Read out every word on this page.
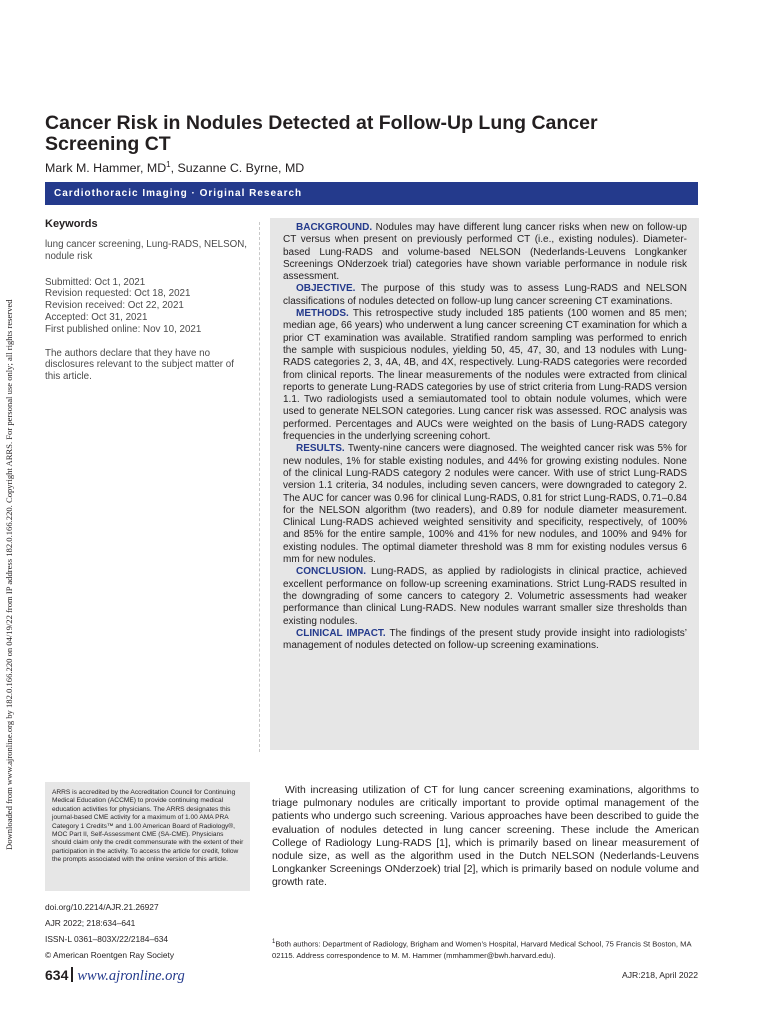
Downloaded from www.ajronline.org by 182.0.166.220 on 04/19/22 from IP address 182.0.166.220. Copyright ARRS. For personal use only; all rights reserved
Cancer Risk in Nodules Detected at Follow-Up Lung Cancer Screening CT

Mark M. Hammer, $MD^1$, Suzanne C. Byrne, MD

Cardiothoracic Imaging · Original Research
Keywords

lung cancer screening, Lung-RADS, NELSON, nodule risk

Submitted: Oct 1, 2021
Revision requested: Oct 18, 2021
Revision received: Oct 22, 2021
Accepted: Oct 31, 2021
First published online: Nov 10, 2021

The authors declare that they have no disclosures relevant to the subject matter of this article.

BACKGROUND. Nodules may have different lung cancer risks when new on follow-up CT versus when present on previously performed CT (i.e., existing nodules). Diameter-based Lung-RADS and volume-based NELSON (Nederlands-Leuvens Longkanker Screenings ONderzoek trial) categories have shown variable performance in nodule risk assessment.

OBJECTIVE. The purpose of this study was to assess Lung-RADS and NELSON classifications of nodules detected on follow-up lung cancer screening CT examinations.

METHODS. This retrospective study included 185 patients (100 women and 85 men; median age, 66 years) who underwent a lung cancer screening CT examination for which a prior CT examination was available. Stratified random sampling was performed to enrich the sample with suspicious nodules, yielding 50, 45, 47, 30, and 13 nodules with Lung-RADS categories 2, 3, 4A, 4B, and 4X, respectively. Lung-RADS categories were recorded from clinical reports. The linear measurements of the nodules were extracted from clinical reports to generate Lung-RADS categories by use of strict criteria from Lung-RADS version 1.1. Two radiologists used a semiautomated tool to obtain nodule volumes, which were used to generate NELSON categories. Lung cancer risk was assessed. ROC analysis was performed. Percentages and AUCs were weighted on the basis of Lung-RADS category frequencies in the underlying screening cohort.

RESULTS. Twenty-nine cancers were diagnosed. The weighted cancer risk was 5% for new nodules, 1% for stable existing nodules, and 44% for growing existing nodules. None of the clinical Lung-RADS category 2 nodules were cancer. With use of strict Lung-RADS version 1.1 criteria, 34 nodules, including seven cancers, were downgraded to category 2. The AUC for cancer was 0.96 for clinical Lung-RADS, 0.81 for strict Lung-RADS, 0.71–0.84 for the NELSON algorithm (two readers), and 0.89 for nodule diameter measurement. Clinical Lung-RADS achieved weighted sensitivity and specificity, respectively, of 100% and 85% for the entire sample, 100% and 41% for new nodules, and 100% and 94% for existing nodules. The optimal diameter threshold was 8 mm for existing nodules versus 6 mm for new nodules.

CONCLUSION. Lung-RADS, as applied by radiologists in clinical practice, achieved excellent performance on follow-up screening examinations. Strict Lung-RADS resulted in the downgrading of some cancers to category 2. Volumetric assessments had weaker performance than clinical Lung-RADS. New nodules warrant smaller size thresholds than existing nodules.

CLINICAL IMPACT. The findings of the present study provide insight into radiologists’ management of nodules detected on follow-up screening examinations.

ARRS is accredited by the Accreditation Council for Continuing Medical Education (ACCME) to provide continuing medical education activities for physicians. The ARRS designates this journal-based CME activity for a maximum of 1.00 AMA PRA Category 1 Credits™ and 1.00 American Board of Radiology®, MOC Part II, Self-Assessment CME (SA-CME). Physicians should claim only the credit commensurate with the extent of their participation in the activity. To access the article for credit, follow the prompts associated with the online version of this article.

doi.org/10.2214/AJR.21.26927
AJR 2022; 218:634–641
ISSN-L 0361–803X/22/2184–634
© American Roentgen Ray Society

With increasing utilization of CT for lung cancer screening examinations, algorithms to triage pulmonary nodules are critically important to provide optimal management of the patients who undergo such screening. Various approaches have been described to guide the evaluation of nodules detected in lung cancer screening. These include the American College of Radiology Lung-RADS [1], which is primarily based on linear measurement of nodule size, as well as the algorithm used in the Dutch NELSON (Nederlands-Leuvens Longkanker Screenings ONderzoek) trial [2], which is primarily based on nodule volume and growth rate.

$^1$Both authors: Department of Radiology, Brigham and Women’s Hospital, Harvard Medical School, 75 Francis St Boston, MA 02115. Address correspondence to M. M. Hammer (mmhammer@bwh.harvard.edu).

634 www.ajronline.org	AJR:218, April 2022
